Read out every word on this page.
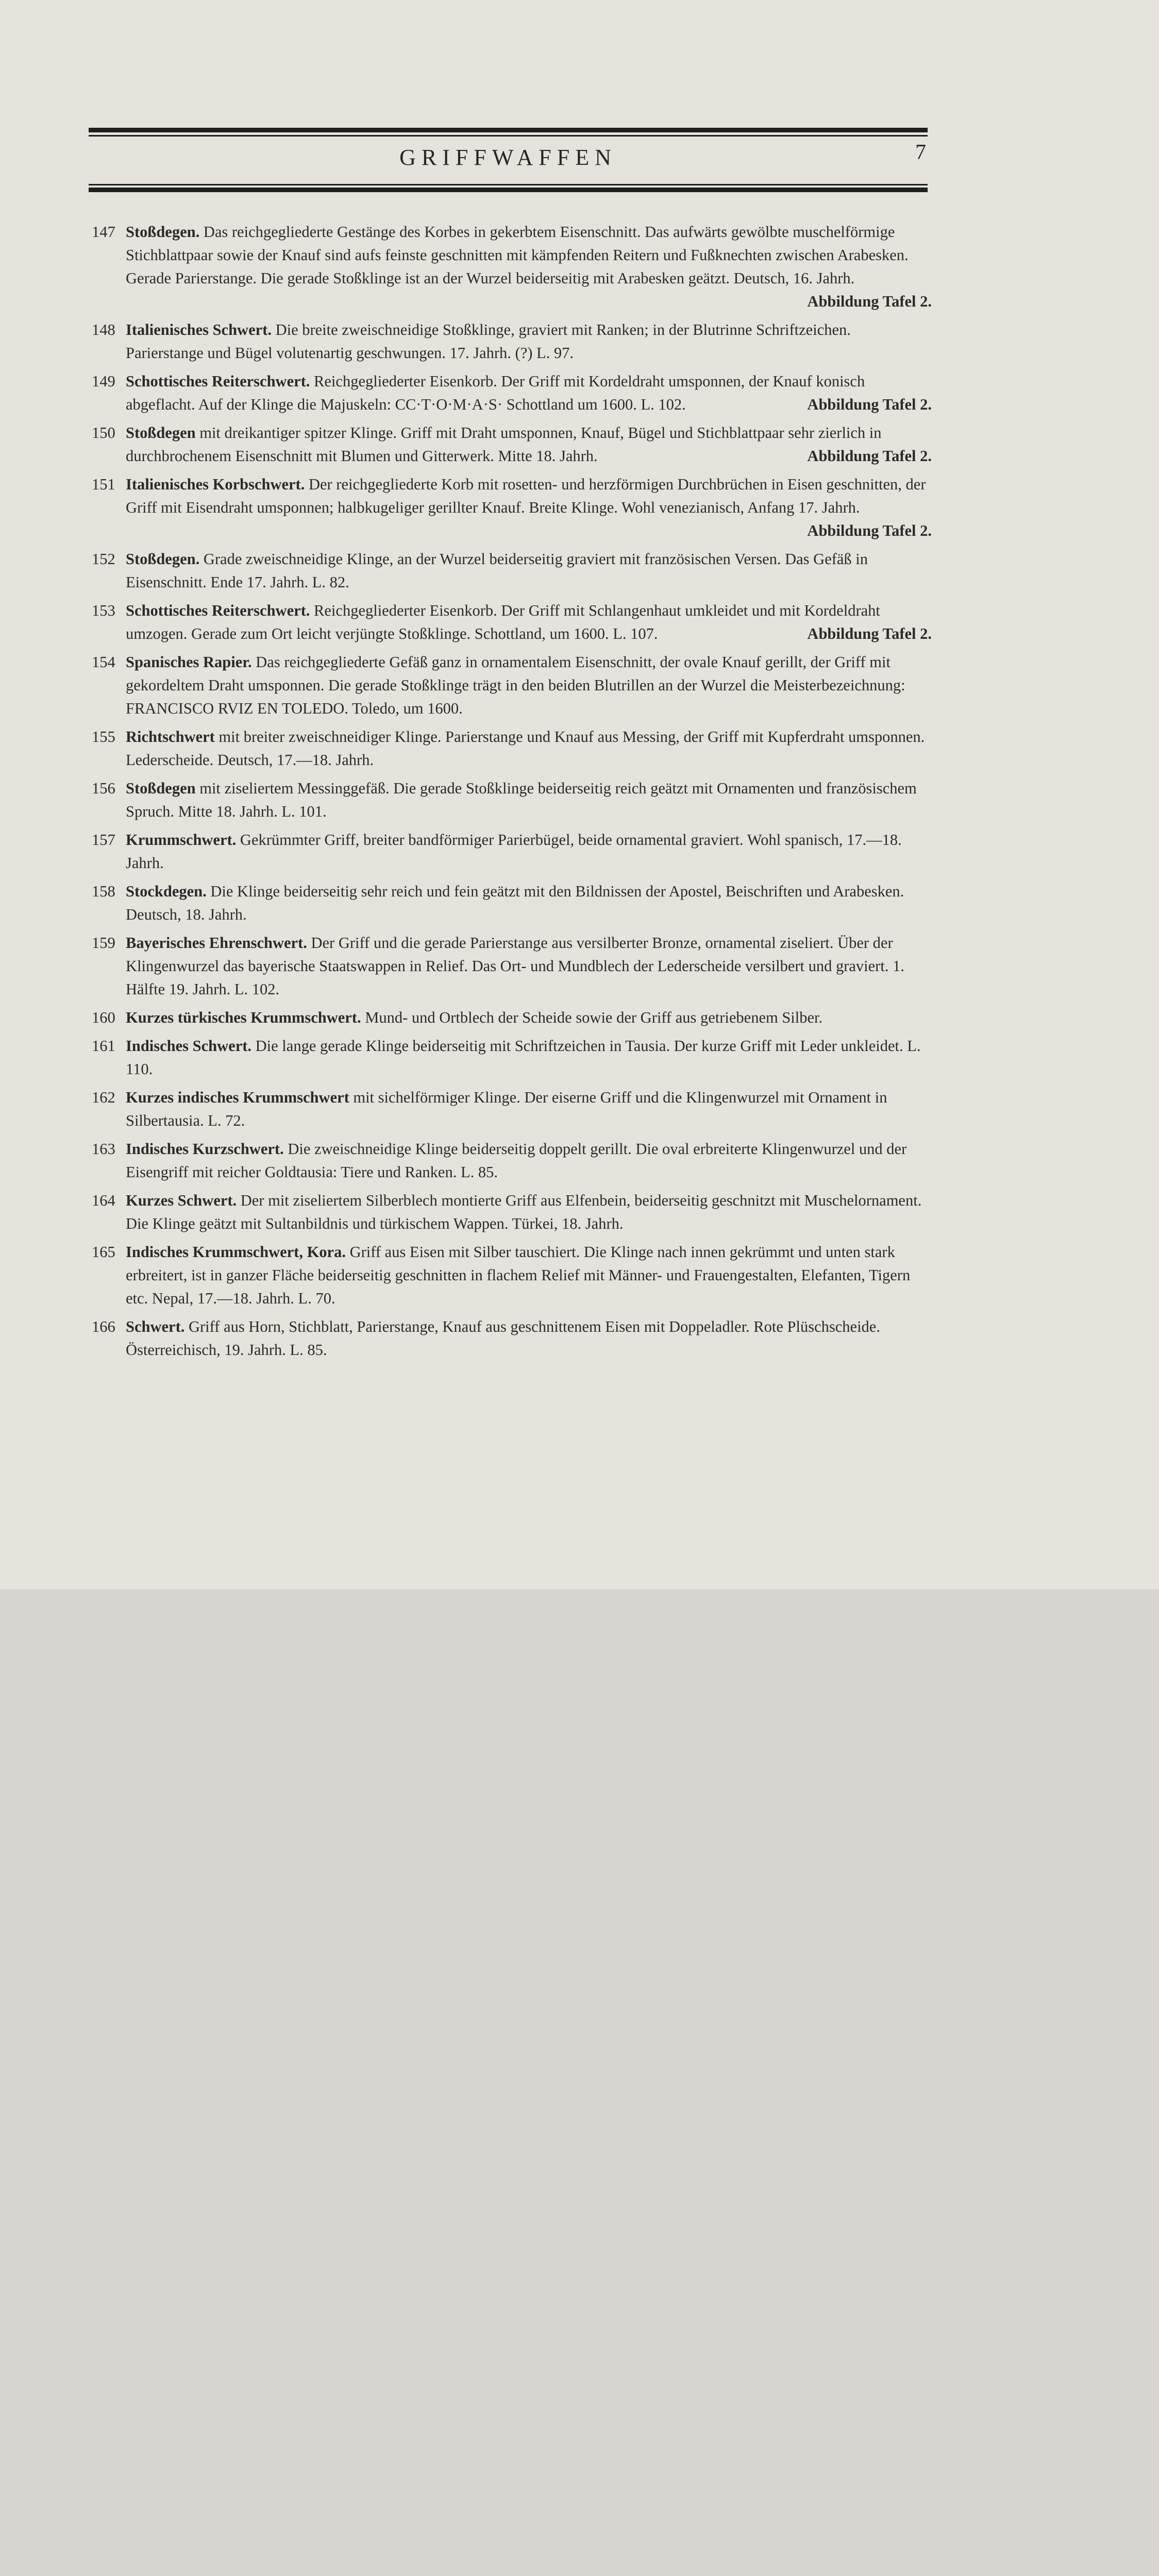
GRIFFWAFFEN	7
147 Stoßdegen. Das reichgegliederte Gestänge des Korbes in gekerbtem Eisenschnitt. Das aufwärts gewölbte muschelförmige Stichblattpaar sowie der Knauf sind aufs feinste geschnitten mit kämpfenden Reitern und Fußknechten zwischen Arabesken. Gerade Parierstange. Die gerade Stoßklinge ist an der Wurzel beiderseitig mit Arabesken geätzt. Deutsch, 16. Jahrh.
Abbildung Tafel 2.
148 Italienisches Schwert. Die breite zweischneidige Stoßklinge, graviert mit Ranken; in der Blutrinne Schriftzeichen. Parierstange und Bügel volutenartig geschwungen. 17. Jahrh. (?) L. 97.
149 Schottisches Reiterschwert. Reichgegliederter Eisenkorb. Der Griff mit Kordeldraht umsponnen, der Knauf konisch abgeflacht. Auf der Klinge die Majuskeln: CC·T·O·M·A·S· Schottland um 1600. L. 102.	Abbildung Tafel 2.
150 Stoßdegen mit dreikantiger spitzer Klinge. Griff mit Draht umsponnen, Knauf, Bügel und Stichblattpaar sehr zierlich in durchbrochenem Eisenschnitt mit Blumen und Gitterwerk. Mitte 18. Jahrh.	Abbildung Tafel 2.
151 Italienisches Korbschwert. Der reichgegliederte Korb mit rosetten- und herzförmigen Durchbrüchen in Eisen geschnitten, der Griff mit Eisendraht umsponnen; halbkugeliger gerillter Knauf. Breite Klinge. Wohl venezianisch, Anfang 17. Jahrh.
Abbildung Tafel 2.
152 Stoßdegen. Grade zweischneidige Klinge, an der Wurzel beiderseitig graviert mit französischen Versen. Das Gefäß in Eisenschnitt. Ende 17. Jahrh. L. 82.
153 Schottisches Reiterschwert. Reichgegliederter Eisenkorb. Der Griff mit Schlangenhaut umkleidet und mit Kordeldraht umzogen. Gerade zum Ort leicht verjüngte Stoßklinge. Schottland, um 1600. L. 107.	Abbildung Tafel 2.
154 Spanisches Rapier. Das reichgegliederte Gefäß ganz in ornamentalem Eisenschnitt, der ovale Knauf gerillt, der Griff mit gekordeltem Draht umsponnen. Die gerade Stoßklinge trägt in den beiden Blutrillen an der Wurzel die Meisterbezeichnung: FRANCISCO RVIZ EN TOLEDO. Toledo, um 1600.
155 Richtschwert mit breiter zweischneidiger Klinge. Parierstange und Knauf aus Messing, der Griff mit Kupferdraht umsponnen. Lederscheide. Deutsch, 17.—18. Jahrh.
156 Stoßdegen mit ziseliertem Messinggefäß. Die gerade Stoßklinge beiderseitig reich geätzt mit Ornamenten und französischem Spruch. Mitte 18. Jahrh. L. 101.
157 Krummschwert. Gekrümmter Griff, breiter bandförmiger Parierbügel, beide ornamental graviert. Wohl spanisch, 17.—18. Jahrh.
158 Stockdegen. Die Klinge beiderseitig sehr reich und fein geätzt mit den Bildnissen der Apostel, Beischriften und Arabesken. Deutsch, 18. Jahrh.
159 Bayerisches Ehrenschwert. Der Griff und die gerade Parierstange aus versilberter Bronze, ornamental ziseliert. Über der Klingenwurzel das bayerische Staatswappen in Relief. Das Ort- und Mundblech der Lederscheide versilbert und graviert. 1. Hälfte 19. Jahrh. L. 102.
160 Kurzes türkisches Krummschwert. Mund- und Ortblech der Scheide sowie der Griff aus getriebenem Silber.
161 Indisches Schwert. Die lange gerade Klinge beiderseitig mit Schriftzeichen in Tausia. Der kurze Griff mit Leder unkleidet. L. 110.
162 Kurzes indisches Krummschwert mit sichelförmiger Klinge. Der eiserne Griff und die Klingenwurzel mit Ornament in Silbertausia. L. 72.
163 Indisches Kurzschwert. Die zweischneidige Klinge beiderseitig doppelt gerillt. Die oval erbreiterte Klingenwurzel und der Eisengriff mit reicher Goldtausia: Tiere und Ranken. L. 85.
164 Kurzes Schwert. Der mit ziseliertem Silberblech montierte Griff aus Elfenbein, beiderseitig geschnitzt mit Muschelornament. Die Klinge geätzt mit Sultanbildnis und türkischem Wappen. Türkei, 18. Jahrh.
165 Indisches Krummschwert, Kora. Griff aus Eisen mit Silber tauschiert. Die Klinge nach innen gekrümmt und unten stark erbreitert, ist in ganzer Fläche beiderseitig geschnitten in flachem Relief mit Männer- und Frauengestalten, Elefanten, Tigern etc. Nepal, 17.—18. Jahrh. L. 70.
166 Schwert. Griff aus Horn, Stichblatt, Parierstange, Knauf aus geschnittenem Eisen mit Doppeladler. Rote Plüschscheide. Österreichisch, 19. Jahrh. L. 85.
